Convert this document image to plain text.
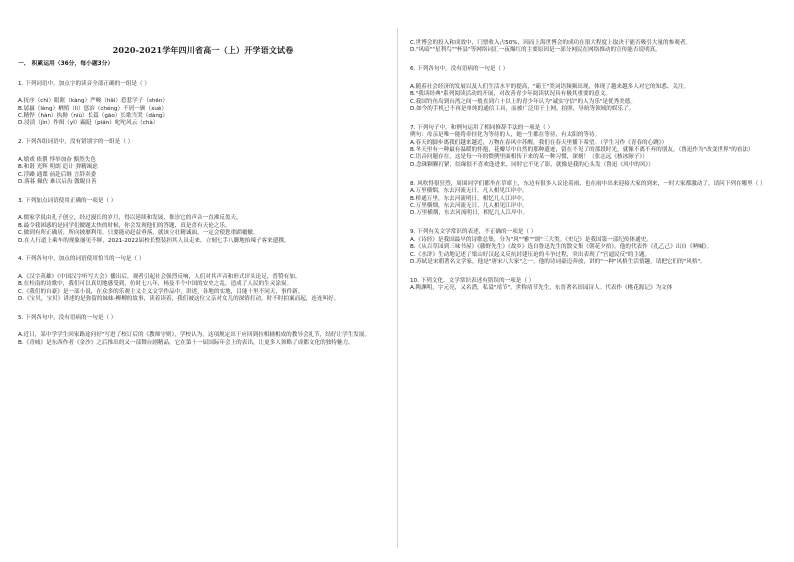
2020-2021学年四川省高一（上）开学语文试卷
一、 积累运用（36分，每小题3分）

1. 下列词语中，加点字的读音全部正确的一组是（ ）

A.抚序（chì）眼眶（kàng）严峻（hāi）惹惹学子（shēn）

B.孱羸（lèng）栖殖（lì）惩治（chéng）不屑一顾（xuè）

C.精悍（hàn）执拗（niù）长篇（gāo）长歌当哭（dàng）

D.浸渍（jìn）作揖（yī）蹁跹（pián）叱咤风云（chà）

2. 下列各组词语中，没有错别字的一组是（ ）

A.嬉戏 依偎 悖举加奋 黯然失色

B.和谐 光辉 明朗 追计 弹精竭虑

C.浮躁 通谍 前赴后继 言辞卖委

D.落暮 佩佐 难以启齿 傲睨自善

3. 下列加点词语使用正确的一项是（ ）

A.儒家学说由孔子创立，经过漫长的岁月，得以延续和发展，推崇它的声音一直沸反盈天。

B.最令我困惑的是同学们做题太快的时候，你会发现他们的答题，真是喜有天伦之乐。

C.做到有所正确居，所向披靡利用，只要能动赶益垂落，就该立壮精诚面，一定会使您重蹈覆辙。

D.在人行道上乘车的现象屡见不鲜，2021-2022届校长整装担其人员走来，立刻七手八脚地抬辣子客来遗撰。

4. 下列各句中，加点的词语使用恰当的一句是（ ）

A.《汉字英雄》《中国汉字听写大会》播出后，观者引起社会强烈反响，人们对其声音和形式评头论足，普赞有加。

B.在柱南的诗歌中，我们可以真切地感受到，仿时七八年，杨及半个中国的安史之乱，造成了人民的生灵涂炭。

C.《我们的自豪》是一部小说，在众多的乐观主义主义文学作品中，讲述，各地的实地，目能十里不同天，事件新。

D.《宝贝，宝贝》讲述的是弥留的妹妹-柳柳的故事，读着读着，我们被这位父亲对女儿的深情打动，时不时拍案而起，连连叫好。

5. 下列各句中，没有语病的一句是（ ）

A.近日，某中学学生回家路途问好"写进了校订后的《教师守则》，学校认为，这项规定出于应回到拉相辅相成的教导会礼节，结好让学生发展。

B.《青城》是东西作者《金沙》之后推出的又一部舞台剧精品，它在第十一届国际年会上的表出，让更多人领略了成都文化的独特魅力。

C.世博会的投入和成效中，门票收入占50%，因而上海世博会的成功在很大程度上取决于能否吸引大量的参观者。

D."风暗""星利鸟""杯县"等网络词汇一夜爆红的主要原因是一部分网民在网络推动的宣传能否说明真。

6. 下列各句中，没有语病的一句是（ ）

A.随着社会经济的发展以及人们生活水平的提高，"霸王"类词语频频出现，体现了越来越多人对它的知悉、关注。

B."我读经典"系列阅读活动的开展，对改善青少年阅读状况具有极其重要的意义。

C.我国钓鱼岛到台湾之间一般直到六十以上的青少年认为"诚实守信"的人为乐"是优秀美德。

D.如今的手机已不再是单纯的通信工具，而被广泛用于上网、拍照、导航等领域的娱乐了。

7. 下列句子中，和例句运用了相同修辞手法的一项是（ ）

例句：母亲是唯一能将牵挂化为等待的人，她一生都在等待，有太阳的等待。

A.春天的脚步离我们越来越近，万物在春风中苏醒，我们在春天里播下希望。（学生习作《青春的心跳》）

B.冬天里有一种最有温暖的怀抱，花瓣尽中自然的那种遗迹，留在不见了的那段时光，就像不离不弃的朋友。（鲁迅作为"改变世界"的看法）

C.语音问题存在，这是每一年的惯例里面相传下来的某一种习惯，深刻！（张志远《核冰脉子》）

D.念珠颗颗打紧，结缘很不喜欢逢进来，同时它不见了影，就像是我的心头发（鲁迅《风中的风》）

8. 风吹得很狂烈，周围同学们都坐在草席上，东边有很多人议论着雨、也在雨中出来迎接大家的到来，一时大家都激动了，请问下列在哪里（ ）

A.万里横烟，东去河流无日，凡人相见江岸中。

B.桥通万里，东去河流明日，相忆几人江岸中。

C.万里横烟，东去河流无日，几人相见江岸中。

D.万里横烟，东去河流明日，相忆几人江岸中。

9. 下列有关文学常识的表述，不正确的一项是（ ）

A.《诗经》是我国最早的诗歌总集，分为"风""雅""颂"三大类。《史记》是我国第一部纪传体通史。

B.《从百草园到三味书屋》《藤野先生》《故乡》选自鲁迅先生的散文集《朝花夕拾》，他的代表作《孔乙己》出自《呐喊》。

C.《水浒》生动地记述了梁山好汉起义反抗封建压迫的斗争过程，突出表现了"官逼民反"的主题。

D.苏轼是宋朝著名文学家，他是"唐宋八大家"之一，他的诗词豪迈奔放，讲的"一种"风格生活情趣，请把它们的"风格"。

10. 下列文化、文学常识表述有错误的一项是（ ）

A.陶渊明，字元亮，又名潜，私谥"靖节"，世称靖节先生，东晋著名田园诗人。代表作《桃花源记》为文体
